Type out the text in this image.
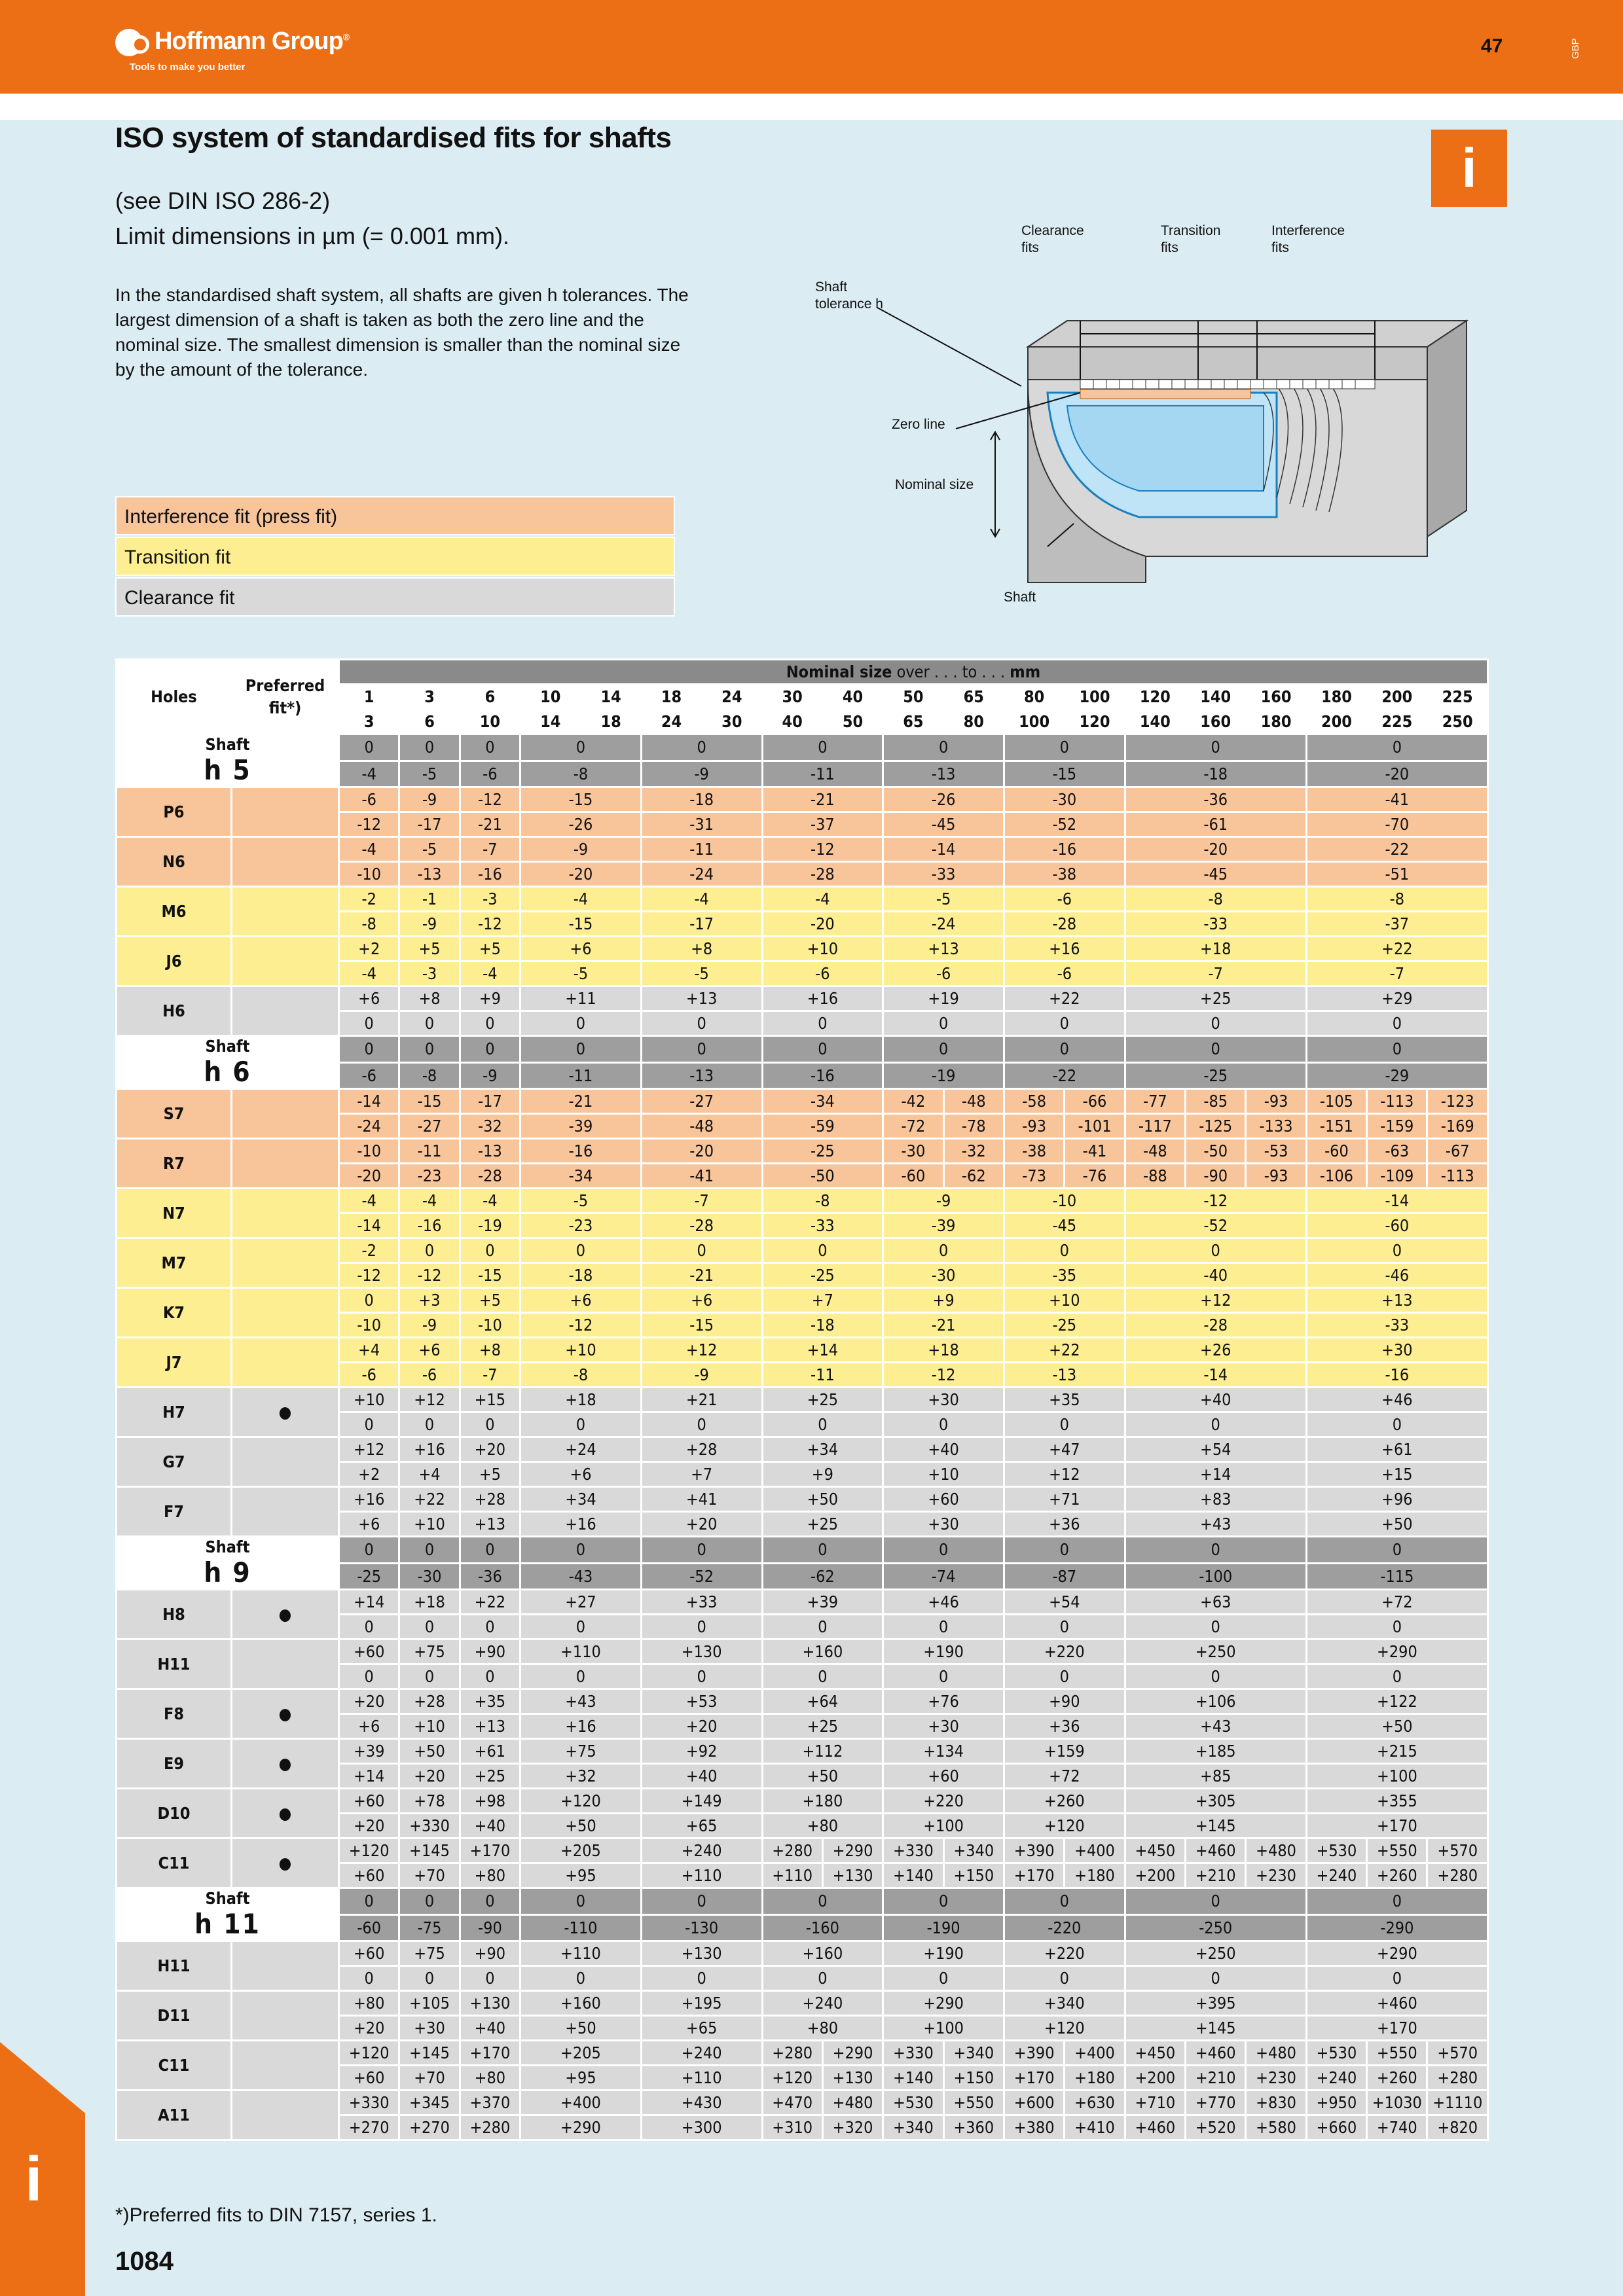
Hoffmann Group®
Tools to make you better
47	GBP
ISO system of standardised fits for shafts	i
(see DIN ISO 286-2)
Limit dimensions in µm (= 0.001 mm).
In the standardised shaft system, all shafts are given h tolerances. The largest dimension of a shaft is taken as both the zero line and the nominal size. The smallest dimension is smaller than the nominal size by the amount of the tolerance.
Interference fit (press fit)
Transition fit
Clearance fit
Clearance
fits
Transition
fits
Interference
fits
Shaft
tolerance h
Zero line
Nominal size
Shaft
Holes	Preferred fit*)	Nominal size over . . . to . . . mm																		
		1	3	6	10	14	18	24	30	40	50	65	80	100	120	140	160	180	200	225
		3	6	10	14	18	24	30	40	50	65	80	100	120	140	160	180	200	225	250

Shaft
h 5		0	0	0	0		0		0		0		0		0			0		
		-4	-5	-6	-8		-9		-11		-13		-15		-18			-20		
P6		-6	-9	-12	-15		-18		-21		-26		-30		-36			-41		
		-12	-17	-21	-26		-31		-37		-45		-52		-61			-70		
N6		-4	-5	-7	-9		-11		-12		-14		-16		-20			-22		
		-10	-13	-16	-20		-24		-28		-33		-38		-45			-51		
M6		-2	-1	-3	-4		-4		-4		-5		-6		-8			-8		
		-8	-9	-12	-15		-17		-20		-24		-28		-33			-37		
J6		+2	+5	+5	+6		+8		+10		+13		+16		+18			+22		
		-4	-3	-4	-5		-5		-6		-6		-6		-7			-7		
H6		+6	+8	+9	+11		+13		+16		+19		+22		+25			+29		
		0	0	0	0		0		0		0		0		0			0		

Shaft
h 6		0	0	0	0		0		0		0		0		0			0		
		-6	-8	-9	-11		-13		-16		-19		-22		-25			-29		
S7		-14	-15	-17	-21		-27		-34		-42	-48	-58	-66	-77	-85	-93	-105	-113	-123
		-24	-27	-32	-39		-48		-59		-72	-78	-93	-101	-117	-125	-133	-151	-159	-169
R7		-10	-11	-13	-16		-20		-25		-30	-32	-38	-41	-48	-50	-53	-60	-63	-67
		-20	-23	-28	-34		-41		-50		-60	-62	-73	-76	-88	-90	-93	-106	-109	-113
N7		-4	-4	-4	-5		-7		-8		-9		-10		-12			-14		
		-14	-16	-19	-23		-28		-33		-39		-45		-52			-60		
M7		-2	0	0	0		0		0		0		0		0			0		
		-12	-12	-15	-18		-21		-25		-30		-35		-40			-46		
K7		0	+3	+5	+6		+6		+7		+9		+10		+12			+13		
		-10	-9	-10	-12		-15		-18		-21		-25		-28			-33		
J7		+4	+6	+8	+10		+12		+14		+18		+22		+26			+30		
		-6	-6	-7	-8		-9		-11		-12		-13		-14			-16		
H7	●	+10	+12	+15	+18		+21		+25		+30		+35		+40			+46		
		0	0	0	0		0		0		0		0		0			0		
G7		+12	+16	+20	+24		+28		+34		+40		+47		+54			+61		
		+2	+4	+5	+6		+7		+9		+10		+12		+14			+15		
F7		+16	+22	+28	+34		+41		+50		+60		+71		+83			+96		
		+6	+10	+13	+16		+20		+25		+30		+36		+43			+50		

Shaft
h 9		0	0	0	0		0		0		0		0		0			0		
		-25	-30	-36	-43		-52		-62		-74		-87		-100			-115		
H8	●	+14	+18	+22	+27		+33		+39		+46		+54		+63			+72		
		0	0	0	0		0		0		0		0		0			0		
H11		+60	+75	+90	+110		+130		+160		+190		+220		+250			+290		
		0	0	0	0		0		0		0		0		0			0		
F8	●	+20	+28	+35	+43		+53		+64		+76		+90		+106			+122		
		+6	+10	+13	+16		+20		+25		+30		+36		+43			+50		
E9	●	+39	+50	+61	+75		+92		+112		+134		+159		+185			+215		
		+14	+20	+25	+32		+40		+50		+60		+72		+85			+100		
D10	●	+60	+78	+98	+120		+149		+180		+220		+260		+305			+355		
		+20	+330	+40	+50		+65		+80		+100		+120		+145			+170		
C11	●	+120	+145	+170	+205		+240		+280	+290	+330	+340	+390	+400	+450	+460	+480	+530	+550	+570
		+60	+70	+80	+95		+110		+110	+130	+140	+150	+170	+180	+200	+210	+230	+240	+260	+280

Shaft
h 11		0	0	0	0		0		0		0		0		0			0		
		-60	-75	-90	-110		-130		-160		-190		-220		-250			-290		
H11		+60	+75	+90	+110		+130		+160		+190		+220		+250			+290		
		0	0	0	0		0		0		0		0		0			0		
D11		+80	+105	+130	+160		+195		+240		+290		+340		+395			+460		
		+20	+30	+40	+50		+65		+80		+100		+120		+145			+170		
C11		+120	+145	+170	+205		+240		+280	+290	+330	+340	+390	+400	+450	+460	+480	+530	+550	+570
		+60	+70	+80	+95		+110		+120	+130	+140	+150	+170	+180	+200	+210	+230	+240	+260	+280
A11		+330	+345	+370	+400		+430		+470	+480	+530	+550	+600	+630	+710	+770	+830	+950	+1030	+1110
		+270	+270	+280	+290		+300		+310	+320	+340	+360	+380	+410	+460	+520	+580	+660	+740	+820
*)Preferred fits to DIN 7157, series 1.
1084
i
